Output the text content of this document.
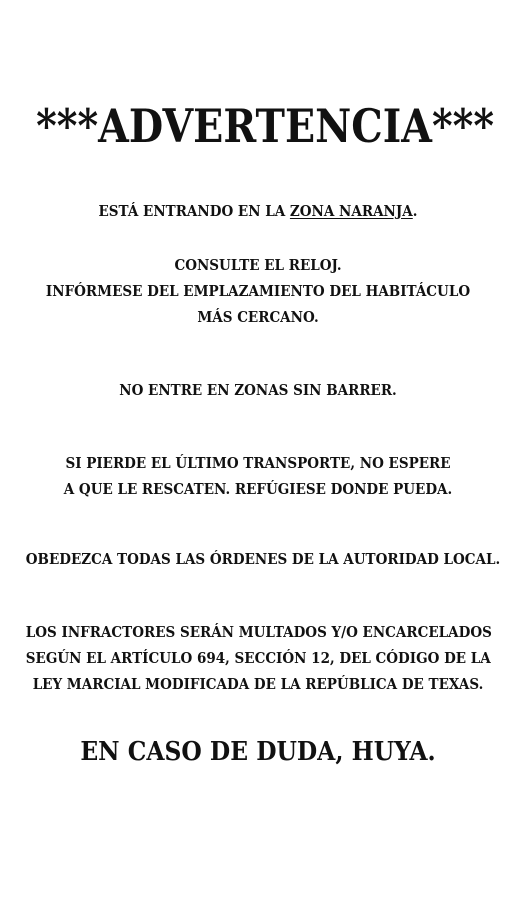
***ADVERTENCIA***
ESTÁ ENTRANDO EN LA ZONA NARANJA.
CONSULTE EL RELOJ.
INFÓRMESE DEL EMPLAZAMIENTO DEL HABITÁCULO
MÁS CERCANO.
NO ENTRE EN ZONAS SIN BARRER.
SI PIERDE EL ÚLTIMO TRANSPORTE, NO ESPERE
A QUE LE RESCATEN. REFÚGIESE DONDE PUEDA.
OBEDEZCA TODAS LAS ÓRDENES DE LA AUTORIDAD LOCAL.
LOS INFRACTORES SERÁN MULTADOS Y/O ENCARCELADOS
SEGÚN EL ARTÍCULO 694, SECCIÓN 12, DEL CÓDIGO DE LA
LEY MARCIAL MODIFICADA DE LA REPÚBLICA DE TEXAS.
EN CASO DE DUDA, HUYA.
